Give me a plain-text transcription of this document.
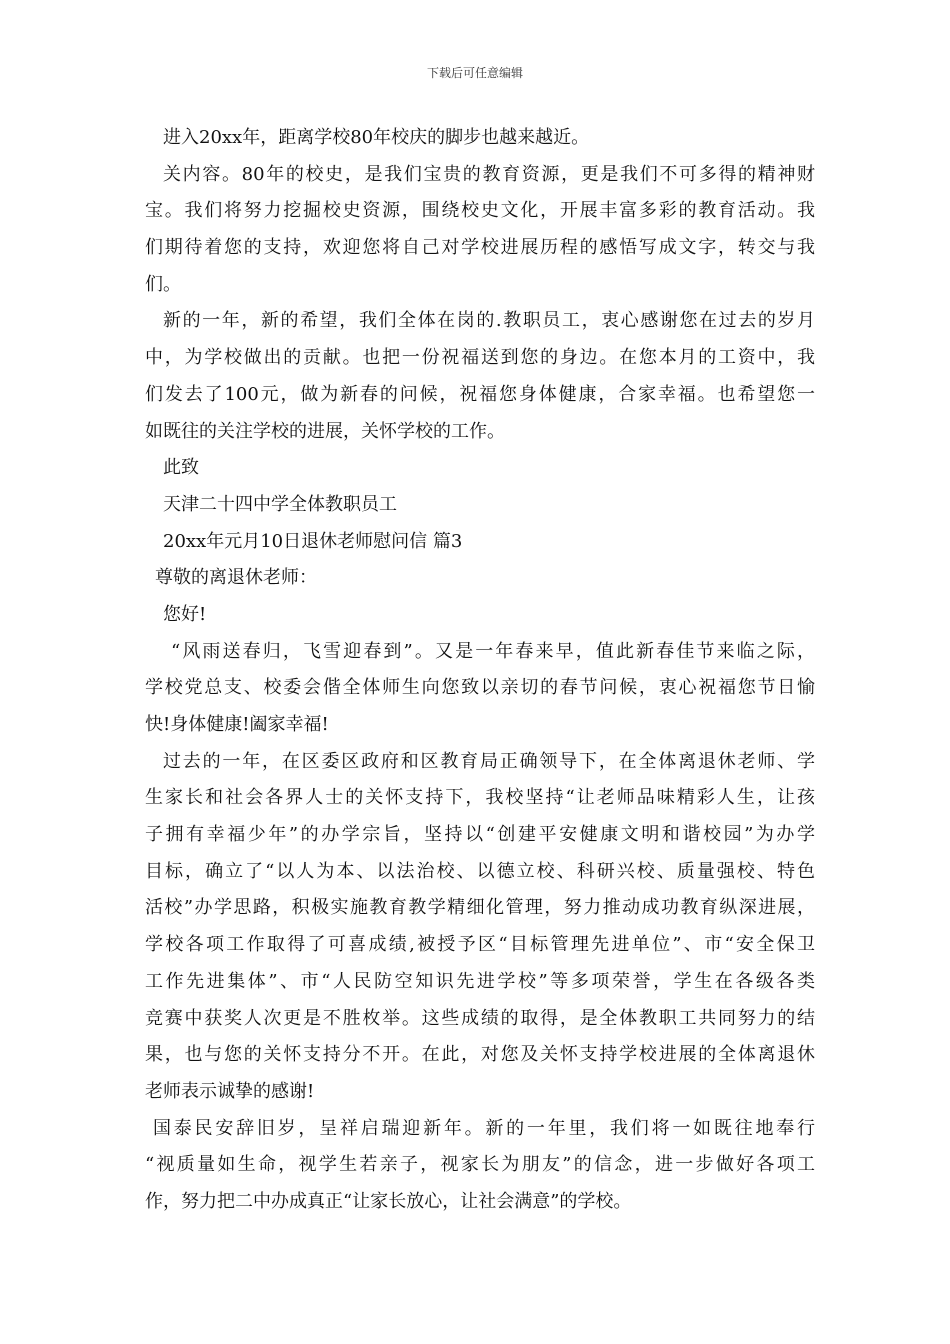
下载后可任意编辑
进入20xx年，距离学校80年校庆的脚步也越来越近。
关内容。80年的校史，是我们宝贵的教育资源，更是我们不可多得的精神财
宝。我们将努力挖掘校史资源，围绕校史文化，开展丰富多彩的教育活动。我
们期待着您的支持，欢迎您将自己对学校进展历程的感悟写成文字，转交与我
们。
新的一年，新的希望，我们全体在岗的.教职员工，衷心感谢您在过去的岁月
中，为学校做出的贡献。也把一份祝福送到您的身边。在您本月的工资中，我
们发去了100元，做为新春的问候，祝福您身体健康，合家幸福。也希望您一
如既往的关注学校的进展，关怀学校的工作。
此致
天津二十四中学全体教职员工
20xx年元月10日退休老师慰问信 篇3
尊敬的离退休老师：
您好!
“风雨送春归，飞雪迎春到”。又是一年春来早，值此新春佳节来临之际，
学校党总支、校委会偕全体师生向您致以亲切的春节问候，衷心祝福您节日愉
快!身体健康!阖家幸福!
过去的一年，在区委区政府和区教育局正确领导下，在全体离退休老师、学
生家长和社会各界人士的关怀支持下，我校坚持“让老师品味精彩人生，让孩
子拥有幸福少年”的办学宗旨，坚持以“创建平安健康文明和谐校园”为办学
目标，确立了“以人为本、以法治校、以德立校、科研兴校、质量强校、特色
活校”办学思路，积极实施教育教学精细化管理，努力推动成功教育纵深进展，
学校各项工作取得了可喜成绩,被授予区“目标管理先进单位”、市“安全保卫
工作先进集体”、市“人民防空知识先进学校”等多项荣誉，学生在各级各类
竞赛中获奖人次更是不胜枚举。这些成绩的取得，是全体教职工共同努力的结
果，也与您的关怀支持分不开。在此，对您及关怀支持学校进展的全体离退休
老师表示诚挚的感谢!
国泰民安辞旧岁，呈祥启瑞迎新年。新的一年里，我们将一如既往地奉行
“视质量如生命，视学生若亲子，视家长为朋友”的信念，进一步做好各项工
作，努力把二中办成真正“让家长放心，让社会满意”的学校。
